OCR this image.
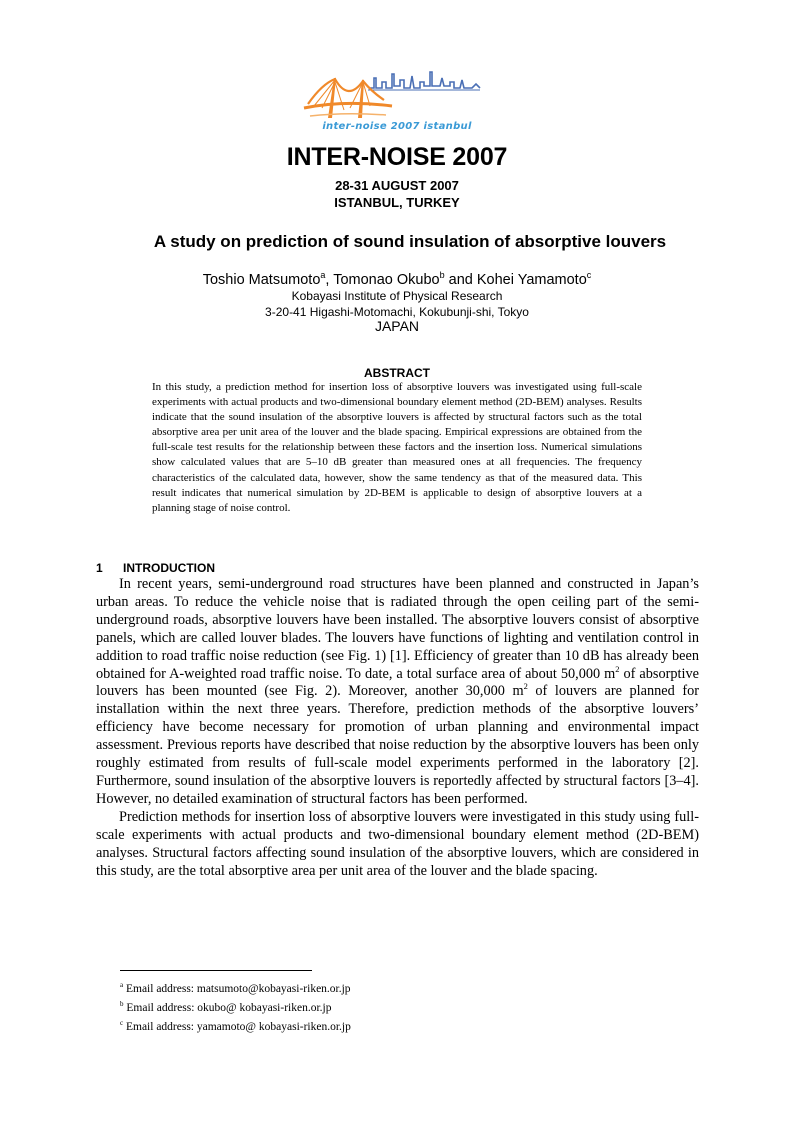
inter-noise 2007 istanbul
INTER-NOISE 2007
28-31 AUGUST 2007
ISTANBUL, TURKEY
A study on prediction of sound insulation of absorptive louvers
Toshio Matsumoto$^a$, Tomonao Okubo$^b$ and Kohei Yamamoto$^c$
Kobayasi Institute of Physical Research
3-20-41 Higashi-Motomachi, Kokubunji-shi, Tokyo
JAPAN
ABSTRACT
In this study, a prediction method for insertion loss of absorptive louvers was investigated using full-scale experiments with actual products and two-dimensional boundary element method (2D-BEM) analyses. Results indicate that the sound insulation of the absorptive louvers is affected by structural factors such as the total absorptive area per unit area of the louver and the blade spacing. Empirical expressions are obtained from the full-scale test results for the relationship between these factors and the insertion loss. Numerical simulations show calculated values that are 5–10 dB greater than measured ones at all frequencies. The frequency characteristics of the calculated data, however, show the same tendency as that of the measured data. This result indicates that numerical simulation by 2D-BEM is applicable to design of absorptive louvers at a planning stage of noise control.
1 INTRODUCTION

In recent years, semi-underground road structures have been planned and constructed in Japan’s urban areas. To reduce the vehicle noise that is radiated through the open ceiling part of the semi-underground roads, absorptive louvers have been installed. The absorptive louvers consist of absorptive panels, which are called louver blades. The louvers have functions of lighting and ventilation control in addition to road traffic noise reduction (see Fig. 1) [1]. Efficiency of greater than 10 dB has already been obtained for A-weighted road traffic noise. To date, a total surface area of about 50,000 $m^2$ of absorptive louvers has been mounted (see Fig. 2). Moreover, another 30,000 $m^2$ of louvers are planned for installation within the next three years. Therefore, prediction methods of the absorptive louvers’ efficiency have become necessary for promotion of urban planning and environmental impact assessment. Previous reports have described that noise reduction by the absorptive louvers has been only roughly estimated from results of full-scale model experiments performed in the laboratory [2]. Furthermore, sound insulation of the absorptive louvers is reportedly affected by structural factors [3–4]. However, no detailed examination of structural factors has been performed.

Prediction methods for insertion loss of absorptive louvers were investigated in this study using full-scale experiments with actual products and two-dimensional boundary element method (2D-BEM) analyses. Structural factors affecting sound insulation of the absorptive louvers, which are considered in this study, are the total absorptive area per unit area of the louver and the blade spacing.

$^a$ Email address: matsumoto@kobayasi-riken.or.jp
$^b$ Email address: okubo@ kobayasi-riken.or.jp
$^c$ Email address: yamamoto@ kobayasi-riken.or.jp
